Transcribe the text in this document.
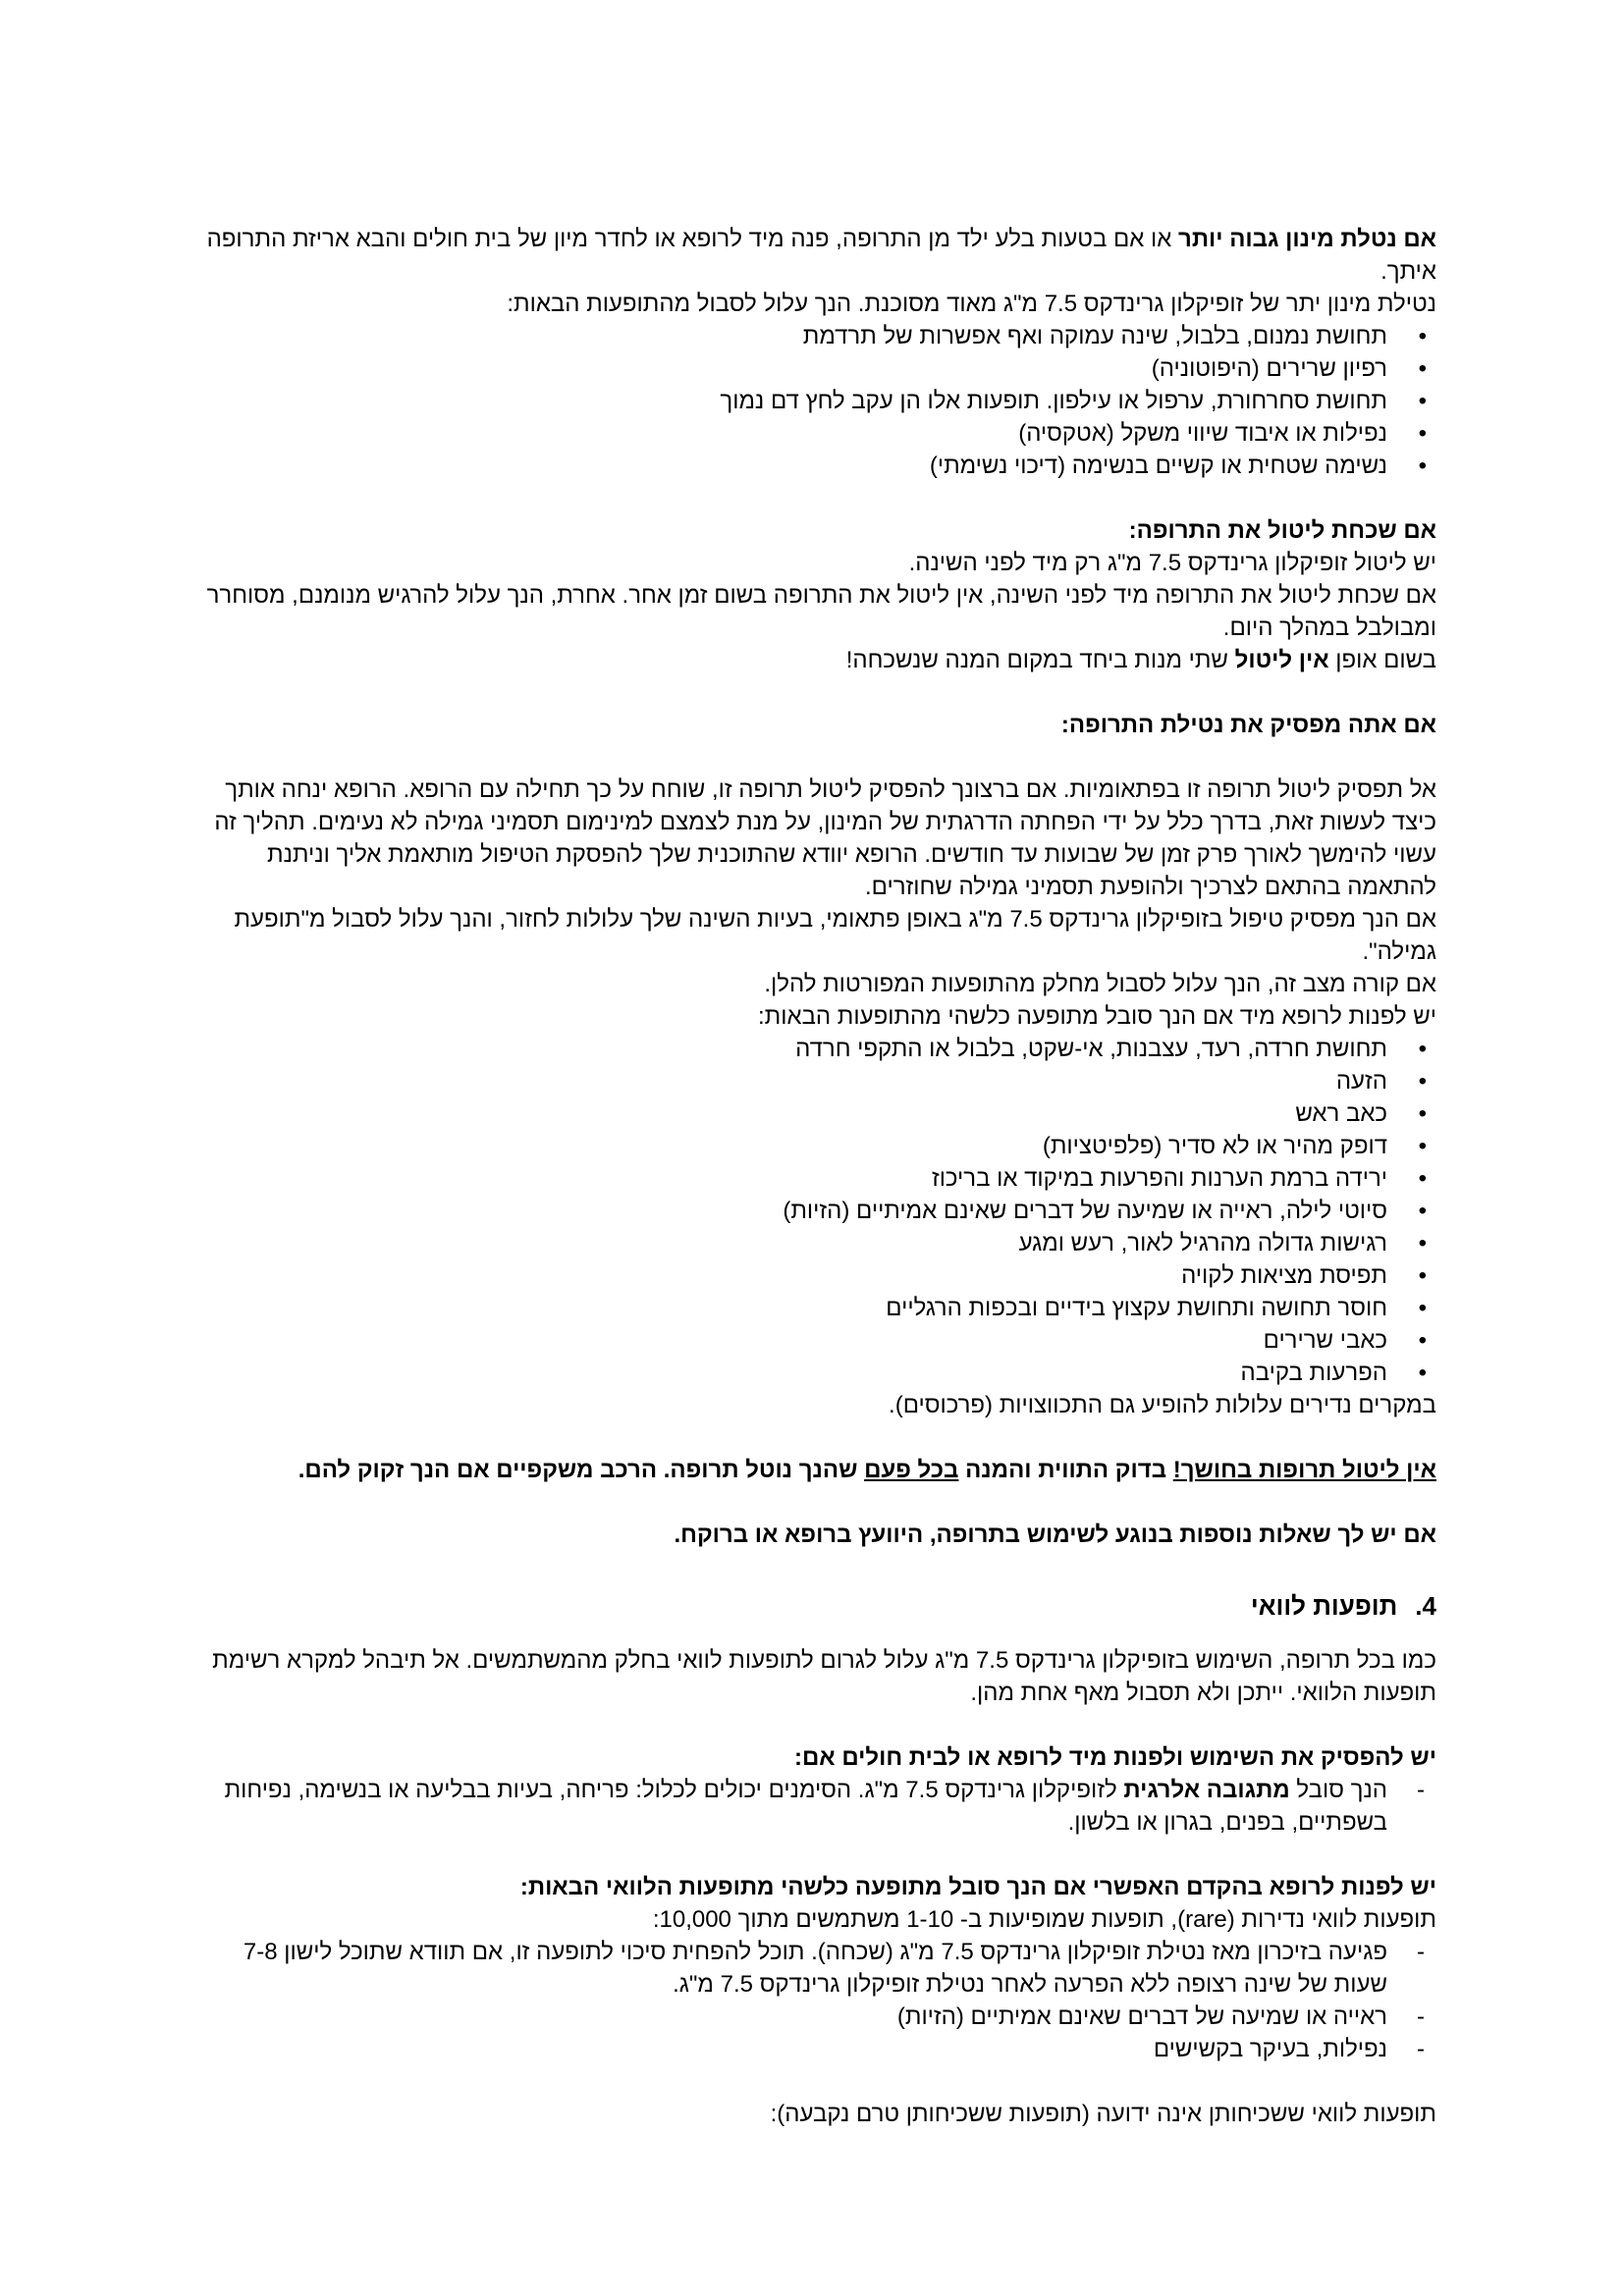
אם נטלת מינון גבוה יותר או אם בטעות בלע ילד מן התרופה, פנה מיד לרופא או לחדר מיון של בית חולים והבא אריזת התרופה איתך.

נטילת מינון יתר של זופיקלון גרינדקס 7.5 מ"ג מאוד מסוכנת. הנך עלול לסבול מהתופעות הבאות:

• תחושת נמנום, בלבול, שינה עמוקה ואף אפשרות של תרדמת
• רפיון שרירים (היפוטוניה)
• תחושת סחרחורת, ערפול או עילפון. תופעות אלו הן עקב לחץ דם נמוך
• נפילות או איבוד שיווי משקל (אטקסיה)
• נשימה שטחית או קשיים בנשימה (דיכוי נשימתי)

אם שכחת ליטול את התרופה:

יש ליטול זופיקלון גרינדקס 7.5 מ"ג רק מיד לפני השינה.

אם שכחת ליטול את התרופה מיד לפני השינה, אין ליטול את התרופה בשום זמן אחר. אחרת, הנך עלול להרגיש מנומנם, מסוחרר ומבולבל במהלך היום.

בשום אופן אין ליטול שתי מנות ביחד במקום המנה שנשכחה!

אם אתה מפסיק את נטילת התרופה:

אל תפסיק ליטול תרופה זו בפתאומיות. אם ברצונך להפסיק ליטול תרופה זו, שוחח על כך תחילה עם הרופא. הרופא ינחה אותך כיצד לעשות זאת, בדרך כלל על ידי הפחתה הדרגתית של המינון, על מנת לצמצם למינימום תסמיני גמילה לא נעימים. תהליך זה עשוי להימשך לאורך פרק זמן של שבועות עד חודשים. הרופא יוודא שהתוכנית שלך להפסקת הטיפול מותאמת אליך וניתנת להתאמה בהתאם לצרכיך ולהופעת תסמיני גמילה שחוזרים.

אם הנך מפסיק טיפול בזופיקלון גרינדקס 7.5 מ"ג באופן פתאומי, בעיות השינה שלך עלולות לחזור, והנך עלול לסבול מ"תופעת גמילה".

אם קורה מצב זה, הנך עלול לסבול מחלק מהתופעות המפורטות להלן.

יש לפנות לרופא מיד אם הנך סובל מתופעה כלשהי מהתופעות הבאות:

• תחושת חרדה, רעד, עצבנות, אי-שקט, בלבול או התקפי חרדה
• הזעה
• כאב ראש
• דופק מהיר או לא סדיר (פלפיטציות)
• ירידה ברמת הערנות והפרעות במיקוד או בריכוז
• סיוטי לילה, ראייה או שמיעה של דברים שאינם אמיתיים (הזיות)
• רגישות גדולה מהרגיל לאור, רעש ומגע
• תפיסת מציאות לקויה
• חוסר תחושה ותחושת עקצוץ בידיים ובכפות הרגליים
• כאבי שרירים
• הפרעות בקיבה

במקרים נדירים עלולות להופיע גם התכווצויות (פרכוסים).

אין ליטול תרופות בחושך! בדוק התווית והמנה בכל פעם שהנך נוטל תרופה. הרכב משקפיים אם הנך זקוק להם.

אם יש לך שאלות נוספות בנוגע לשימוש בתרופה, היוועץ ברופא או ברוקח.

4.תופעות לוואי

כמו בכל תרופה, השימוש בזופיקלון גרינדקס 7.5 מ"ג עלול לגרום לתופעות לוואי בחלק מהמשתמשים. אל תיבהל למקרא רשימת תופעות הלוואי. ייתכן ולא תסבול מאף אחת מהן.

יש להפסיק את השימוש ולפנות מיד לרופא או לבית חולים אם:

- הנך סובל מתגובה אלרגית לזופיקלון גרינדקס 7.5 מ"ג. הסימנים יכולים לכלול: פריחה, בעיות בבליעה או בנשימה, נפיחות בשפתיים, בפנים, בגרון או בלשון.

יש לפנות לרופא בהקדם האפשרי אם הנך סובל מתופעה כלשהי מתופעות הלוואי הבאות:

תופעות לוואי נדירות (rare), תופעות שמופיעות ב- 1-10 משתמשים מתוך 10,000:

- פגיעה בזיכרון מאז נטילת זופיקלון גרינדקס 7.5 מ"ג (שכחה). תוכל להפחית סיכוי לתופעה זו, אם תוודא שתוכל לישון 7-8 שעות של שינה רצופה ללא הפרעה לאחר נטילת זופיקלון גרינדקס 7.5 מ"ג.
- ראייה או שמיעה של דברים שאינם אמיתיים (הזיות)
- נפילות, בעיקר בקשישים

תופעות לוואי ששכיחותן אינה ידועה (תופעות ששכיחותן טרם נקבעה):
